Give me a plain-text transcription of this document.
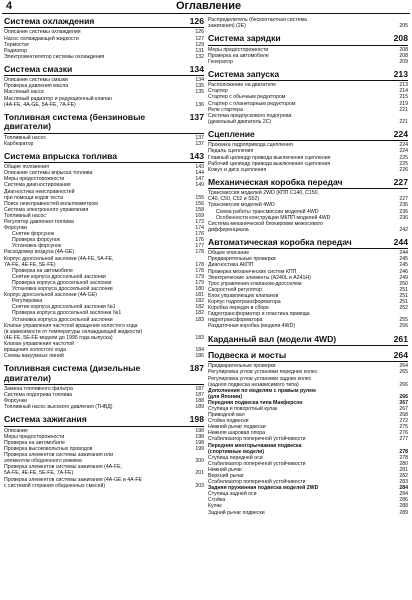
4	Оглавление
Система охлаждения	126
Описание системы охлаждения	126
Насос охлаждающей жидкости	127
Термостат	129
Радиатор	131
Электровентилятор системы охлаждения	132
Система смазки	134
Описание системы смазки	134
Проверка давления масла	135
Масляный насос	135
Масляный радиатор и редукционный клапан
(4A-FE, 4A-GE, 5A-FE, 7A-FE)	136
Топливная система (бензиновые двигатели)
137
Топливный насос	137
Карбюратор	137
Система впрыска топлива	143
Общие положения	143
Описание системы впрыска топлива	144
Меры предосторожности	147
Система диагностирования	149
Диагностика неисправностей
при помощи кодов теста	155
Поиск неисправностей вольтомметром	156
Система электронного управления	158
Топливный насос	169
Регулятор давления топлива	173
Форсунки	174
Снятие форсунок	176
Проверка форсунок	176
Установка форсунок	177
Расходомер воздуха (4A-GE)	178
Корпус дроссельной заслонки (4A-FE, 5A-FE,
7A-FE, 4E-FE, 5E-FE)	178
Проверка на автомобиле	178
Снятие корпуса дроссельной заслонки	179
Проверка корпуса дроссельной заслонки	179
Установка корпуса дроссельной заслонки	180
Корпус дроссельной заслонки (4A-GE)	181
Регулировка	182
Снятие корпуса дроссельной заслонки №1	182
Проверка корпуса дроссельной заслонки №1	182
Установка корпуса дроссельной заслонки	183
Клапан управления частотой вращения холостого хода
(в зависимости от температуры охлаждающей жидкости)
(4E-FE, 5E-FE модели до 1995 года выпуска)	183
Клапан управления частотой
вращения холостого хода	184
Схемы вакуумных линий	186
Топливная система (дизельные двигатели)
187
Замена топливного фильтра	187
Система подогрева топлива	187
Форсунки	188
Топливный насос высокого давления (ТНВД)	189
Система зажигания	198
Описание	198
Меры предосторожности	198
Проверка на автомобиле	198
Проверка высоковольтных проводов	199
Проверка элементов системы зажигания или
элементов обедненного режима	200
Проверка элементов системы зажигания (4A-FE,
5A-FE, 4E-FE, 5E-FE, 7A-FE)	201
Проверка элементов системы зажигания (4A-GE и 4A-FE
с системой сгорания обедненных смесей)	203
Распределитель (бесконтактная система
зажигания) (2E)	205
Система зарядки	208
Меры предосторожности	208
Проверка на автомобиле	208
Генератор	209
Система запуска	213
Расположение на двигателе	213
Стартер	214
Стартер с обычным редуктором	215
Стартер с планетарным редуктором	219
Реле стартера	221
Система предпускового подогрева
(дизельный двигатель 2С)	221
Сцепление	224
Прокачка гидропривода сцепления	224
Педаль сцепления	224
Главный цилиндр привода выключения сцепления	225
Рабочий цилиндр привода выключения сцепления	225
Кожух и диск сцепления	226
Механическая коробка передач	227
Трансмиссия моделей 2WD (КПП C140, C150,
C40, C50, C52 и S52)	227
Трансмиссия моделей 4WD	236
Схема работы трансмиссии моделей 4WD	236
Особенности конструкции МКПП моделей 4WD	236
Система механической блокировки межосевого
дифференциала	242
Автоматическая коробка передач	244
Общее описание	244
Предварительные проверки	245
Диагностика АКПП	245
Проверка механических систем КПП	246
Электрические элементы (A240L и A241H)	249
Трос управления клапаном-дросселем	250
Скоростной регулятор	251
Блок управляющих клапанов	251
Корпус гидротрансформатора	251
Коробка передач в сборе	252
Гидротрансформатор и пластина привода
гидротрансформатора	255
Раздаточная коробка (модели 4WD)	256
Карданный вал (модели 4WD)	261
Подвеска и мосты	264
Предварительные проверки	264
Регулировка углов установки передних колес	265
Регулировка углов установки задних колес
(задняя подвеска независимого типа)	266
Дополнения по моделям с правым рулем
(для Японии)	266
Передняя подвеска типа Макферсон	267
Ступица и поворотный кулак	267
Приводной вал	268
Стойка подвески	272
Нижний рычаг подвески	275
Нижняя шаровая опора	276
Стабилизатор поперечной устойчивости	277
Передняя многорычажная подвеска
(спортивные модели)	278
Ступица передней оси	278
Стабилизатор поперечной устойчивости	280
Нижний рычаг	281
Верхний рычаг	282
Стабилизатор поперечной устойчивости	283
Задняя пружинная подвеска моделей 2WD	284
Ступица задней оси	284
Стойка	286
Кулак	288
Задний рычаг подвески	289
